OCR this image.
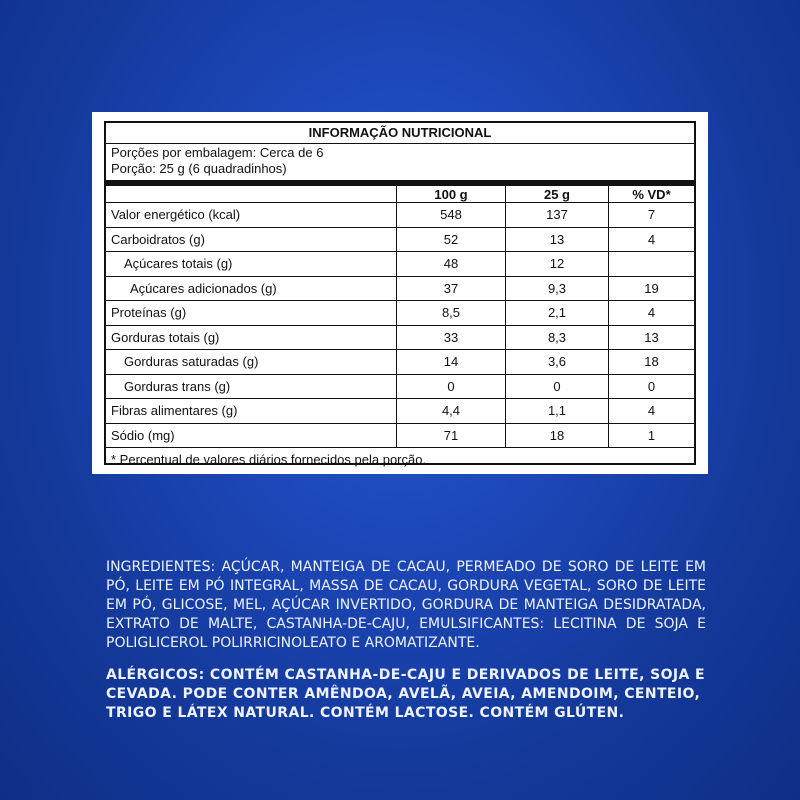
INFORMAÇÃO NUTRICIONAL
Porções por embalagem: Cerca de 6
Porção: 25 g (6 quadradinhos)
100 g	25 g	% VD*
Valor energético (kcal)	548	137	7
Carboidratos (g)	52	13	4
Açúcares totais (g)	48	12
Açúcares adicionados (g)	37	9,3	19
Proteínas (g)	8,5	2,1	4
Gorduras totais (g)	33	8,3	13
Gorduras saturadas (g)	14	3,6	18
Gorduras trans (g)	0	0	0
Fibras alimentares (g)	4,4	1,1	4
Sódio (mg)	71	18	1
* Percentual de valores diários fornecidos pela porção.
INGREDIENTES: AÇÚCAR, MANTEIGA DE CACAU, PERMEADO DE SORO DE LEITE EM PÓ, LEITE EM PÓ INTEGRAL, MASSA DE CACAU, GORDURA VEGETAL, SORO DE LEITE EM PÓ, GLICOSE, MEL, AÇÚCAR INVERTIDO, GORDURA DE MANTEIGA DESIDRATADA, EXTRATO DE MALTE, CASTANHA-DE-CAJU, EMULSIFICANTES: LECITINA DE SOJA E POLIGLICEROL POLIRRICINOLEATO E AROMATIZANTE.
ALÉRGICOS: CONTÉM CASTANHA-DE-CAJU E DERIVADOS DE LEITE, SOJA E CEVADA. PODE CONTER AMÊNDOA, AVELÃ, AVEIA, AMENDOIM, CENTEIO, TRIGO E LÁTEX NATURAL. CONTÉM LACTOSE. CONTÉM GLÚTEN.
